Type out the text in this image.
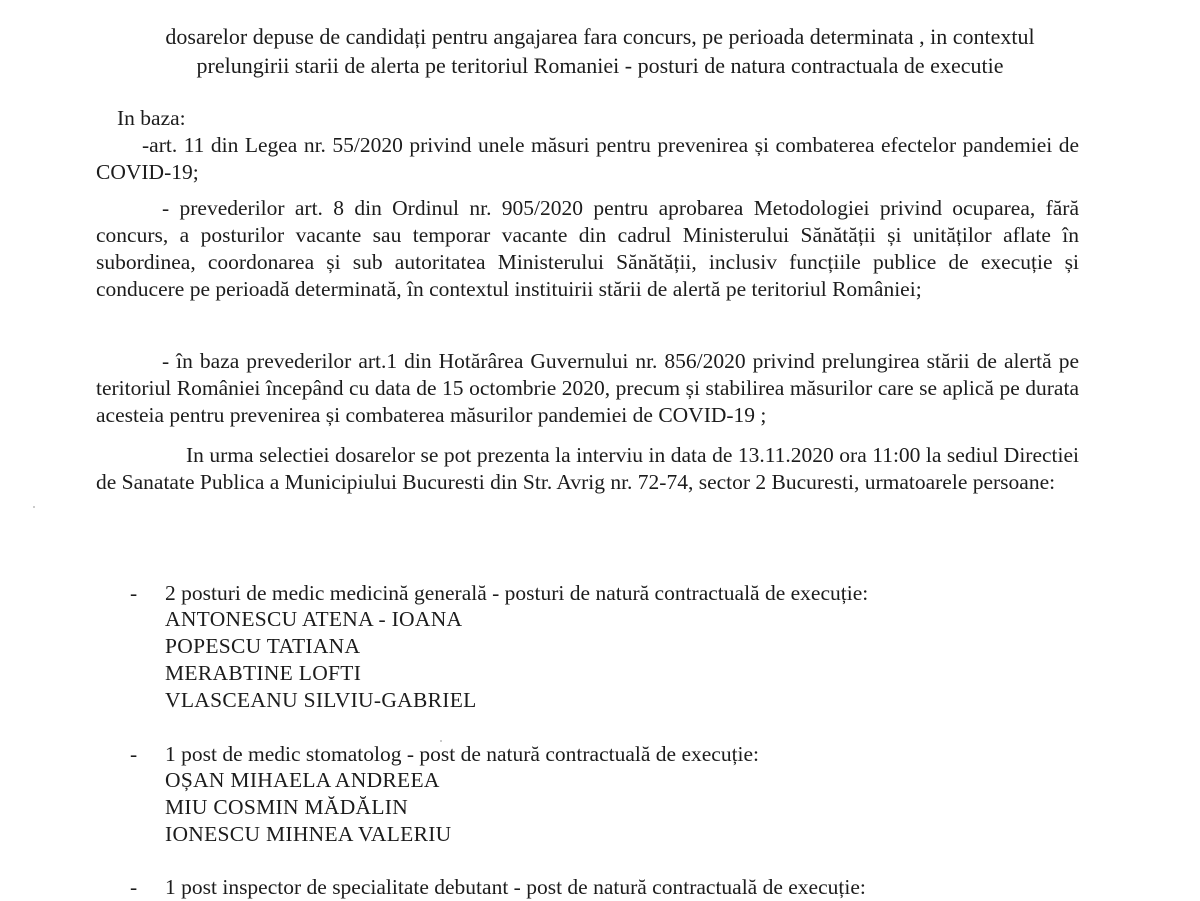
dosarelor depuse de candidați pentru angajarea fara concurs, pe perioada determinata , in contextul
prelungirii starii de alerta pe teritoriul Romaniei - posturi de natura contractuala de executie
In baza:
-art. 11 din Legea nr. 55/2020 privind unele măsuri pentru prevenirea și combaterea efectelor pandemiei de COVID-19;
- prevederilor art. 8 din Ordinul nr. 905/2020 pentru aprobarea Metodologiei privind ocuparea, fără concurs, a posturilor vacante sau temporar vacante din cadrul Ministerului Sănătății și unităților aflate în subordinea, coordonarea și sub autoritatea Ministerului Sănătății, inclusiv funcțiile publice de execuție și conducere pe perioadă determinată, în contextul instituirii stării de alertă pe teritoriul României;
- în baza prevederilor art.1 din Hotărârea Guvernului nr. 856/2020 privind prelungirea stării de alertă pe teritoriul României începând cu data de 15 octombrie 2020, precum și stabilirea măsurilor care se aplică pe durata acesteia pentru prevenirea și combaterea măsurilor pandemiei de COVID-19 ;
In urma selectiei dosarelor se pot prezenta la interviu in data de 13.11.2020 ora 11:00 la sediul Directiei de Sanatate Publica a Municipiului Bucuresti din Str. Avrig nr. 72-74, sector 2 Bucuresti, urmatoarele persoane:
- 2 posturi de medic medicină generală - posturi de natură contractuală de execuție:
ANTONESCU ATENA - IOANA
POPESCU TATIANA
MERABTINE LOFTI
VLASCEANU SILVIU-GABRIEL
- 1 post de medic stomatolog - post de natură contractuală de execuție:
OȘAN MIHAELA ANDREEA
MIU COSMIN MĂDĂLIN
IONESCU MIHNEA VALERIU
- 1 post inspector de specialitate debutant - post de natură contractuală de execuție:
